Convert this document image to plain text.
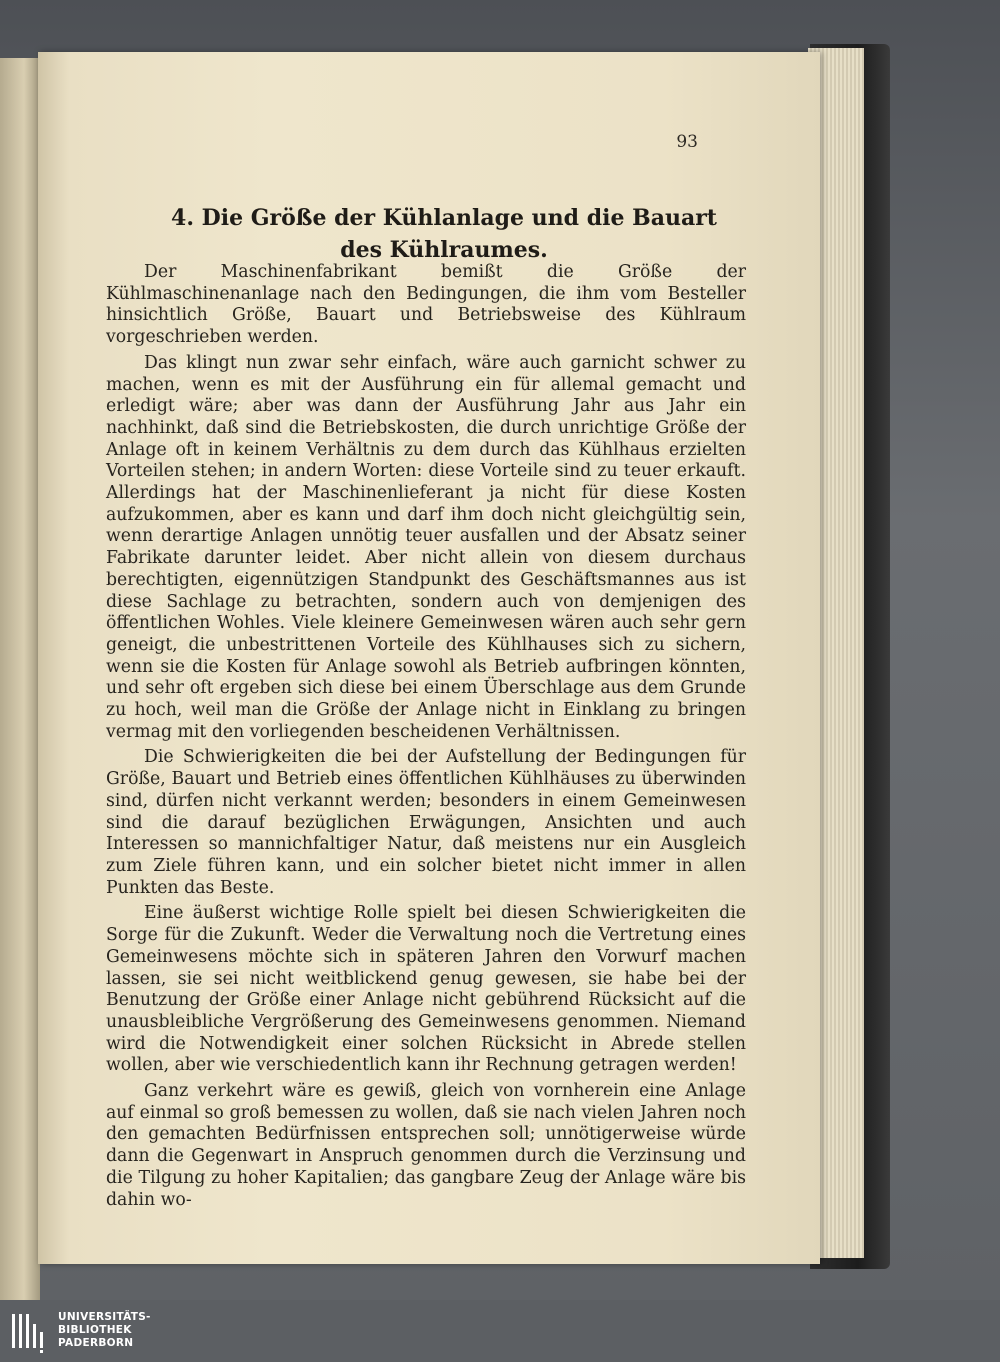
93
4. Die Größe der Kühlanlage und die Bauart
des Kühlraumes.

Der Maschinenfabrikant bemißt die Größe der Kühlmaschinenanlage nach den Bedingungen, die ihm vom Besteller hinsichtlich Größe, Bauart und Betriebsweise des Kühlraum vorgeschrieben werden.

Das klingt nun zwar sehr einfach, wäre auch garnicht schwer zu machen, wenn es mit der Ausführung ein für allemal gemacht und erledigt wäre; aber was dann der Ausführung Jahr aus Jahr ein nachhinkt, daß sind die Betriebskosten, die durch unrichtige Größe der Anlage oft in keinem Verhältnis zu dem durch das Kühlhaus erzielten Vorteilen stehen; in andern Worten: diese Vorteile sind zu teuer erkauft. Allerdings hat der Maschinenlieferant ja nicht für diese Kosten aufzukommen, aber es kann und darf ihm doch nicht gleichgültig sein, wenn derartige Anlagen unnötig teuer ausfallen und der Absatz seiner Fabrikate darunter leidet. Aber nicht allein von diesem durchaus berechtigten, eigennützigen Standpunkt des Geschäftsmannes aus ist diese Sachlage zu betrachten, sondern auch von demjenigen des öffentlichen Wohles. Viele kleinere Gemeinwesen wären auch sehr gern geneigt, die unbestrittenen Vorteile des Kühlhauses sich zu sichern, wenn sie die Kosten für Anlage sowohl als Betrieb aufbringen könnten, und sehr oft ergeben sich diese bei einem Überschlage aus dem Grunde zu hoch, weil man die Größe der Anlage nicht in Einklang zu bringen vermag mit den vorliegenden bescheidenen Verhältnissen.

Die Schwierigkeiten die bei der Aufstellung der Bedingungen für Größe, Bauart und Betrieb eines öffentlichen Kühlhäuses zu überwinden sind, dürfen nicht verkannt werden; besonders in einem Gemeinwesen sind die darauf bezüglichen Erwägungen, Ansichten und auch Interessen so mannichfaltiger Natur, daß meistens nur ein Ausgleich zum Ziele führen kann, und ein solcher bietet nicht immer in allen Punkten das Beste.

Eine äußerst wichtige Rolle spielt bei diesen Schwierigkeiten die Sorge für die Zukunft. Weder die Verwaltung noch die Vertretung eines Gemeinwesens möchte sich in späteren Jahren den Vorwurf machen lassen, sie sei nicht weitblickend genug gewesen, sie habe bei der Benutzung der Größe einer Anlage nicht gebührend Rücksicht auf die unausbleibliche Vergrößerung des Gemeinwesens genommen. Niemand wird die Notwendigkeit einer solchen Rücksicht in Abrede stellen wollen, aber wie verschiedentlich kann ihr Rechnung getragen werden!

Ganz verkehrt wäre es gewiß, gleich von vornherein eine Anlage auf einmal so groß bemessen zu wollen, daß sie nach vielen Jahren noch den gemachten Bedürfnissen entsprechen soll; unnötigerweise würde dann die Gegenwart in Anspruch genommen durch die Verzinsung und die Tilgung zu hoher Kapitalien; das gangbare Zeug der Anlage wäre bis dahin wo-

UNIVERSITÄTS-
BIBLIOTHEK
PADERBORN
